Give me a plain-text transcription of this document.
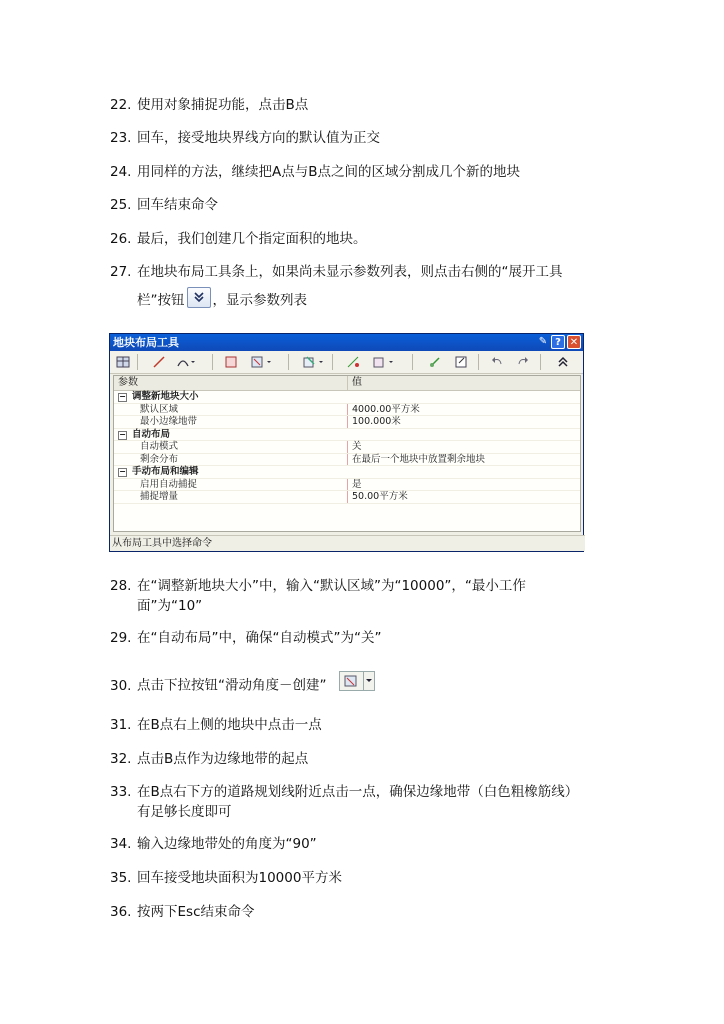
22. 使用对象捕捉功能，点击B点
23. 回车，接受地块界线方向的默认值为正交
24. 用同样的方法，继续把A点与B点之间的区域分割成几个新的地块
25. 回车结束命令
26. 最后，我们创建几个指定面积的地块。
27. 在地块布局工具条上，如果尚未显示参数列表，则点击右侧的“展开工具
栏”按钮 ，显示参数列表
地块布局工具	✎ ? ✕
参数	值
− 调整新地块大小
默认区域	4000.00平方米
最小边缘地带	100.000米
− 自动布局
自动模式	关
剩余分布	在最后一个地块中放置剩余地块
− 手动布局和编辑
启用自动捕捉	是
捕捉增量	50.00平方米
从布局工具中选择命令
28. 在“调整新地块大小”中，输入“默认区域”为“10000”，“最小工作
面”为“10”
29. 在“自动布局”中，确保“自动模式”为“关”
30. 点击下拉按钮“滑动角度－创建”
31. 在B点右上侧的地块中点击一点
32. 点击B点作为边缘地带的起点
33. 在B点右下方的道路规划线附近点击一点，确保边缘地带（白色粗橡筋线）
有足够长度即可
34. 输入边缘地带处的角度为“90”
35. 回车接受地块面积为10000平方米
36. 按两下Esc结束命令
